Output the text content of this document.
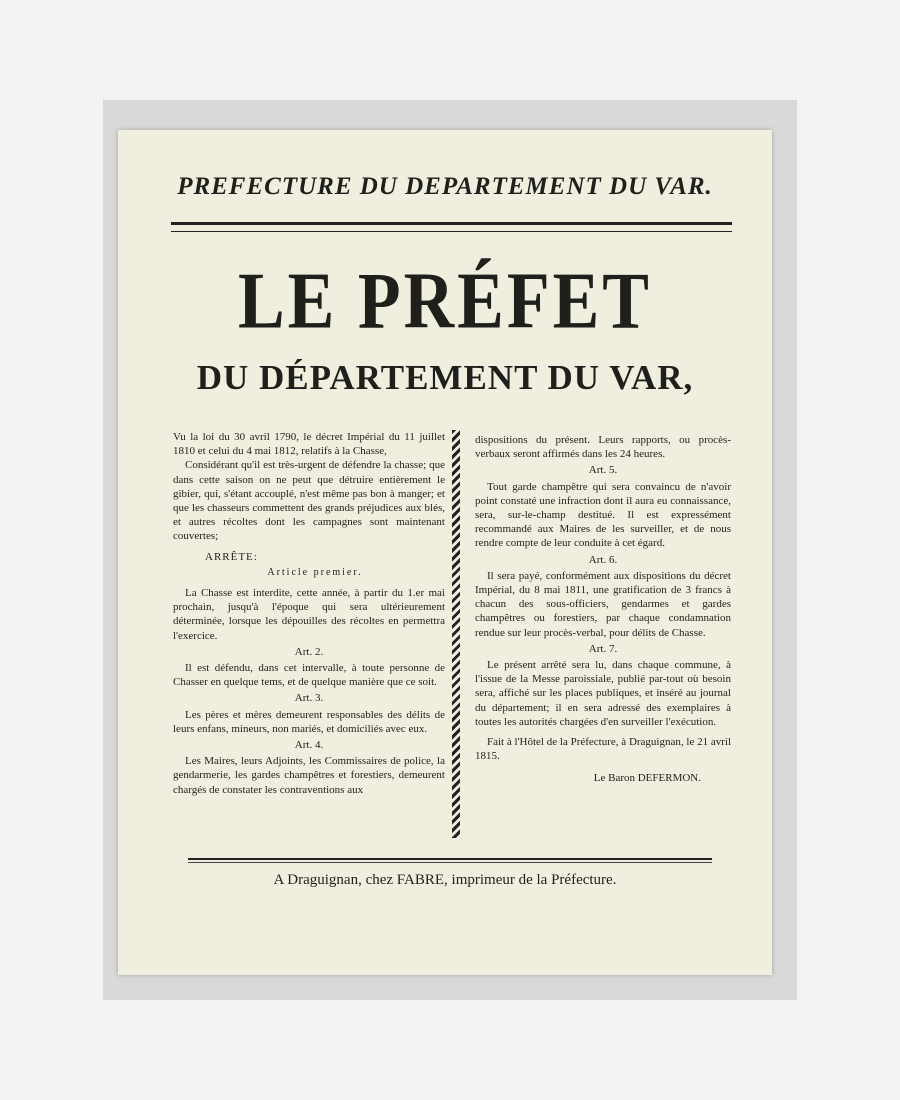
PREFECTURE DU DEPARTEMENT DU VAR.
LE PRÉFET
DU DÉPARTEMENT DU VAR,

Vu la loi du 30 avril 1790, le décret Impérial du 11 juillet 1810 et celui du 4 mai 1812, relatifs à la Chasse,

Considérant qu'il est très-urgent de défendre la chasse; que dans cette saison on ne peut que détruire entièrement le gibier, qui, s'étant accouplé, n'est même pas bon à manger; et que les chasseurs commettent des grands préjudices aux blés, et autres récoltes dont les campagnes sont maintenant couvertes;

ARRÊTE:

Article premier.

La Chasse est interdite, cette année, à partir du 1.er mai prochain, jusqu'à l'époque qui sera ultérieurement déterminée, lorsque les dépouilles des récoltes en permettra l'exercice.

Art. 2.

Il est défendu, dans cet intervalle, à toute personne de Chasser en quelque tems, et de quelque manière que ce soit.

Art. 3.

Les pères et mères demeurent responsables des délits de leurs enfans, mineurs, non mariés, et domiciliés avec eux.

Art. 4.

Les Maires, leurs Adjoints, les Commissaires de police, la gendarmerie, les gardes champêtres et forestiers, demeurent chargés de constater les contraventions aux

dispositions du présent. Leurs rapports, ou procès-verbaux seront affirmés dans les 24 heures.

Art. 5.

Tout garde champêtre qui sera convaincu de n'avoir point constaté une infraction dont il aura eu connaissance, sera, sur-le-champ destitué. Il est expressément recommandé aux Maires de les surveiller, et de nous rendre compte de leur conduite à cet égard.

Art. 6.

Il sera payé, conformément aux dispositions du décret Impérial, du 8 mai 1811, une gratification de 3 francs à chacun des sous-officiers, gendarmes et gardes champêtres ou forestiers, par chaque condamnation rendue sur leur procès-verbal, pour délits de Chasse.

Art. 7.

Le présent arrêté sera lu, dans chaque commune, à l'issue de la Messe paroissiale, publié par-tout où besoin sera, affiché sur les places publiques, et inséré au journal du département; il en sera adressé des exemplaires à toutes les autorités chargées d'en surveiller l'exécution.

Fait à l'Hôtel de la Préfecture, à Draguignan, le 21 avril 1815.

Le Baron DEFERMON.

A Draguignan, chez FABRE, imprimeur de la Préfecture.
